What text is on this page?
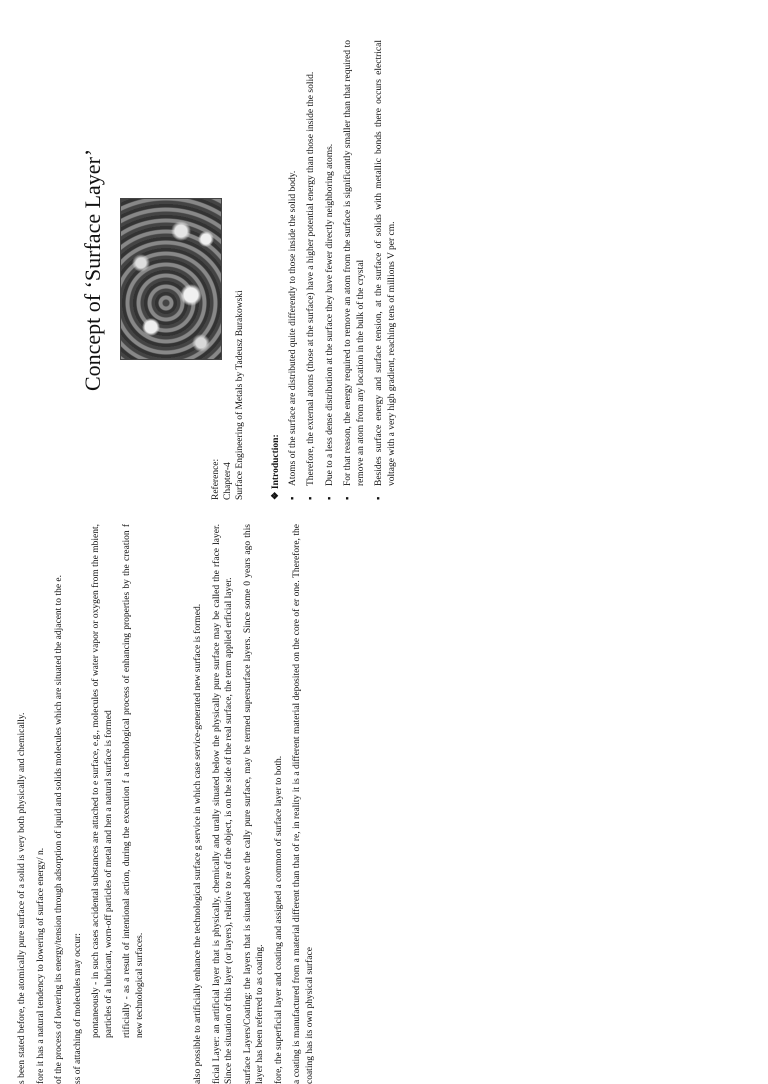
Concept of ‘Surface Layer’
Reference: Chapter-4 Surface Engineering of Metals by Tadeusz Burakowski	❖ Introduction: ▪ Atoms of the surface are distributed quite differently to those inside the solid body. ▪ Therefore, the external atoms (those at the surface) have a higher potential energy than those inside the solid. ▪ Due to a less dense distribution at the surface they have fewer directly neighboring atoms. ▪ For that reason, the energy required to remove an atom from the surface is significantly smaller than that required to remove an atom from any location in the bulk of the crystal ▪ Besides surface energy and surface tension, at the surface of solids with metallic bonds there occurs electrical voltage with a very high gradient, reaching tens of millions V per cm.
s been stated before, the atomically pure surface of a solid is very both physically and chemically. fore it has a natural tendency to lowering of surface energy/ n. of the process of lowering its energy/tension through adsorption of iquid and solids molecules which are situated the adjacent to the e. ss of attaching of molecules may occur: pontaneously - in such cases accidental substances are attached to e surface, e.g., molecules of water vapor or oxygen from the mbient, particles of a lubricant, worn-off particles of metal and hen a natural surface is formed rtificially - as a result of intentional action, during the execution f a technological process of enhancing properties by the creation f new technological surfaces.	also possible to artificially enhance the technological surface g service in which case service-generated new surface is formed. ficial Layer: an artificial layer that is physically, chemically and urally situated below the physically pure surface may be called the rface layer. Since the situation of this layer (or layers), relative to re of the object, is on the side of the real surface, the term applied erficial layer. surface Layers/Coating: the layers that is situated above the cally pure surface, may be termed supersurface layers. Since some 0 years ago this layer has been referred to as coating. fore, the superficial layer and coating and assigned a common of surface layer to both. a coating is manufactured from a material different than that of re, in reality it is a different material deposited on the core of er one. Therefore, the coating has its own physical surface
